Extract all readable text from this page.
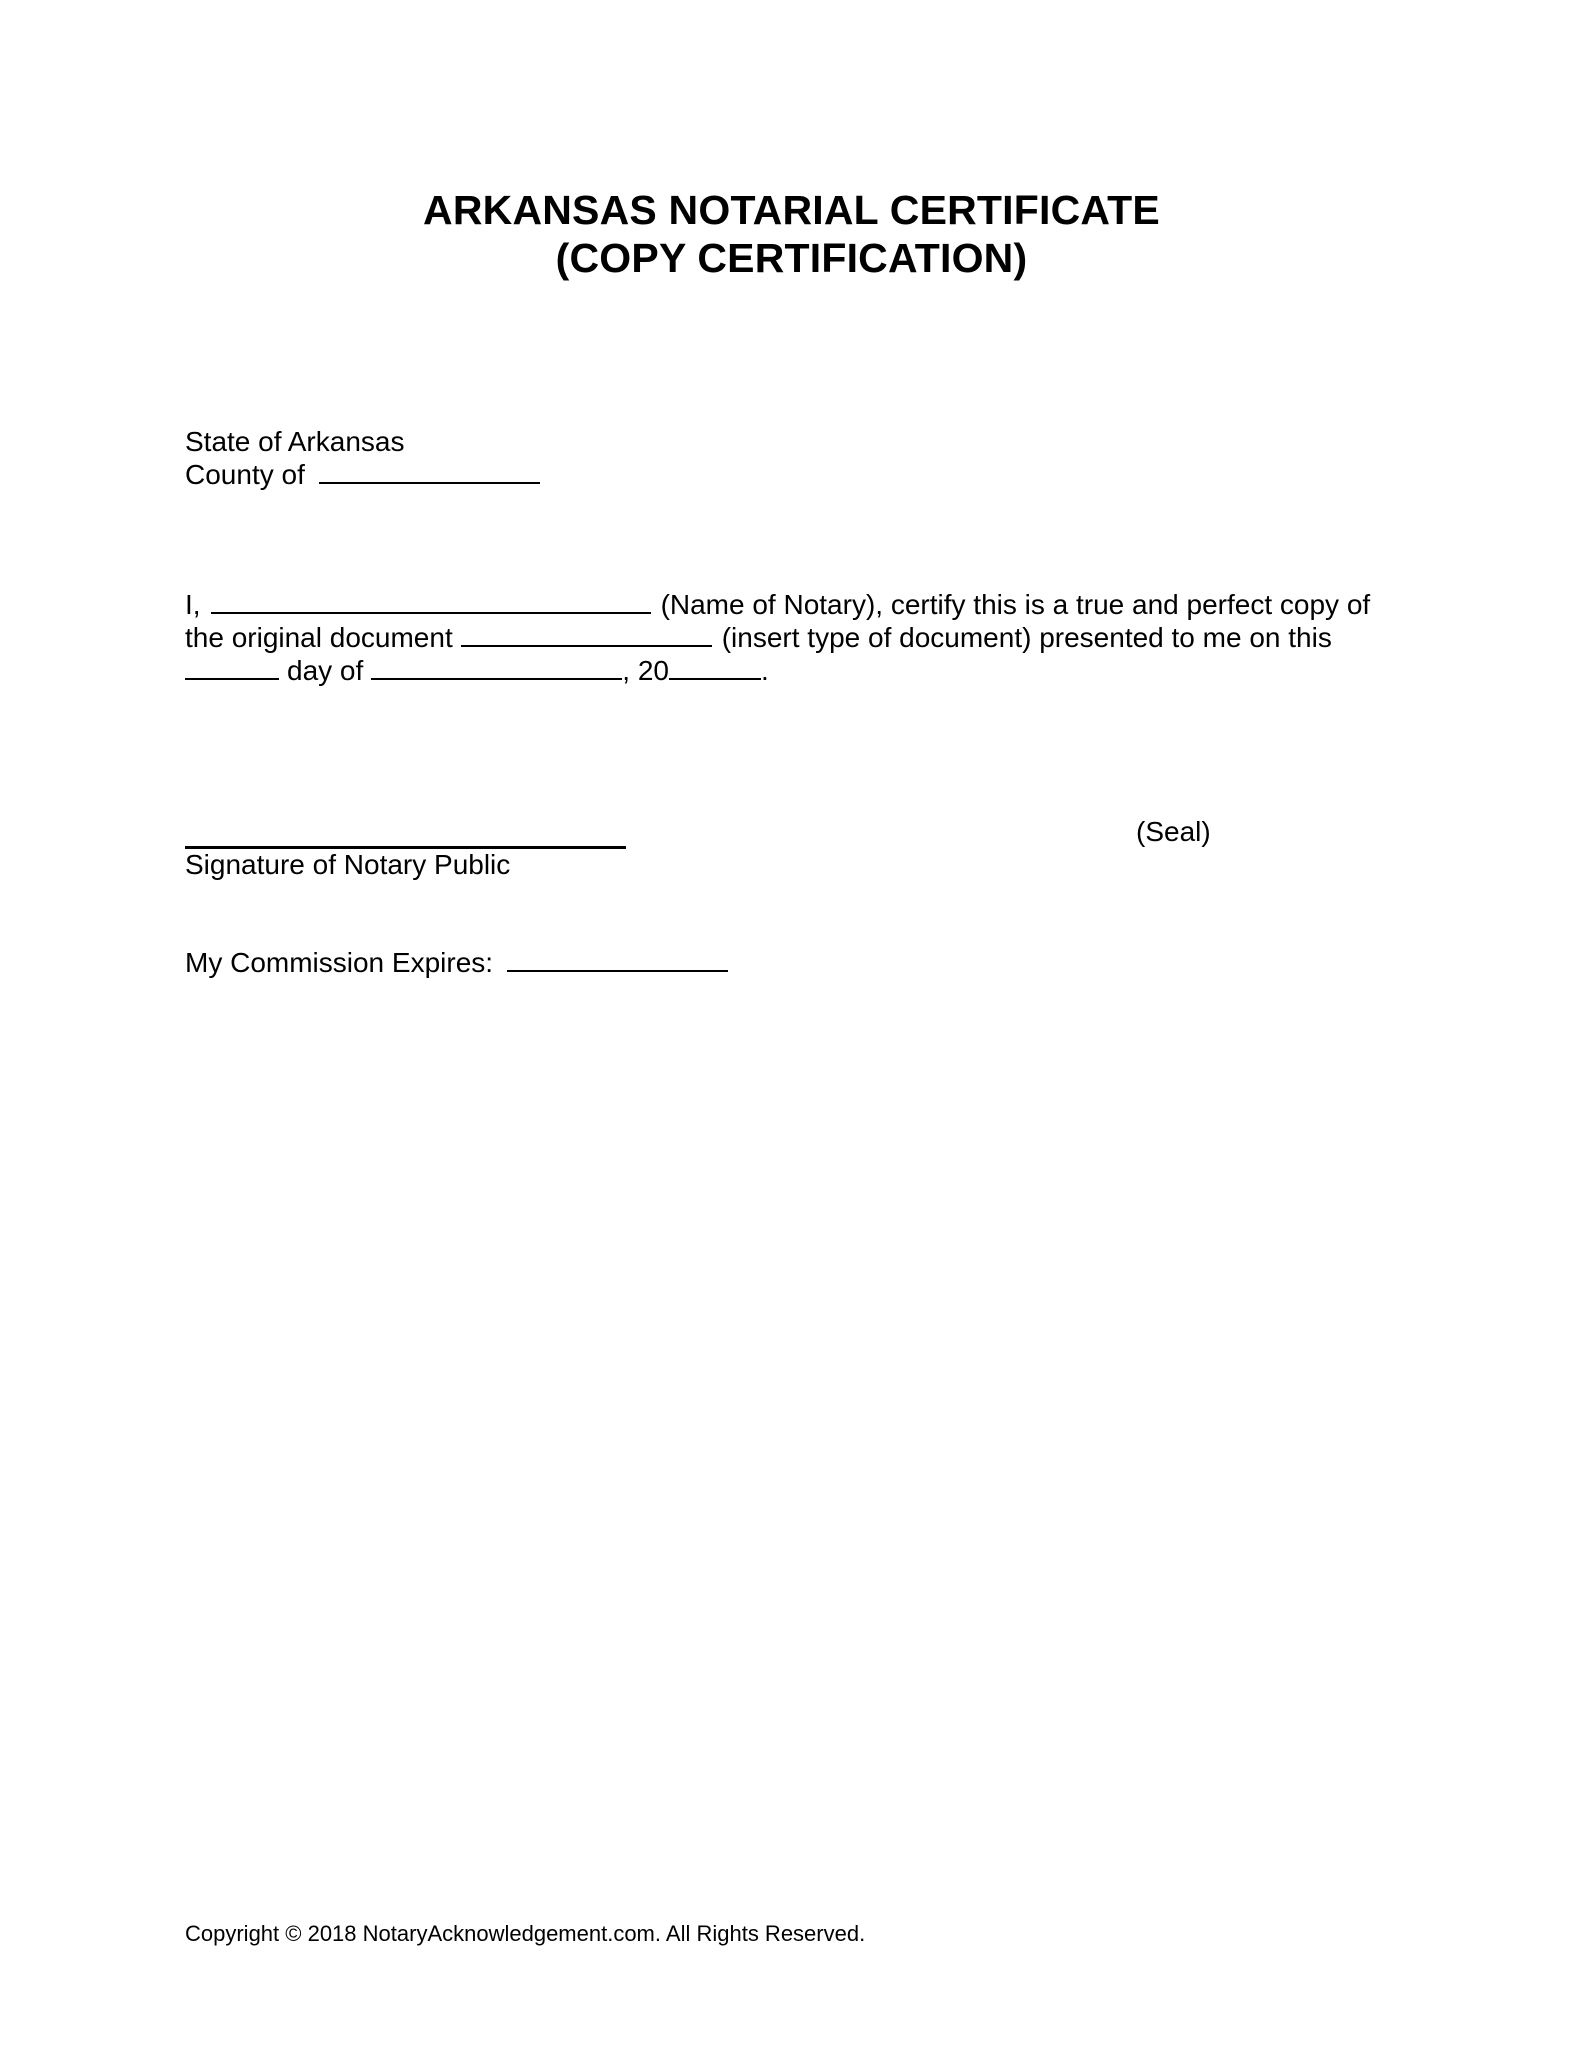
ARKANSAS NOTARIAL CERTIFICATE
(COPY CERTIFICATION)
State of Arkansas
County of
I,	(Name of Notary), certify this is a true and perfect copy of
the original document	(insert type of document) presented to me on this
day of	, 20	.
(Seal)
Signature of Notary Public
My Commission Expires:
Copyright © 2018 NotaryAcknowledgement.com. All Rights Reserved.
